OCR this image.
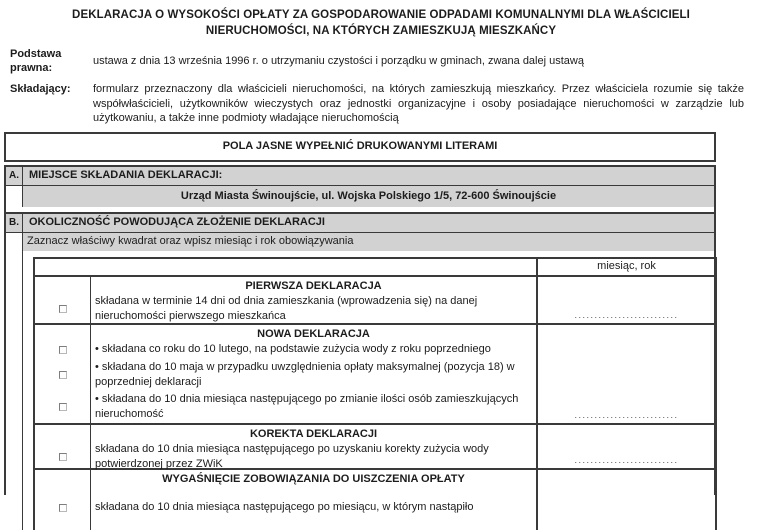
DEKLARACJA O WYSOKOŚCI OPŁATY ZA GOSPODAROWANIE ODPADAMI KOMUNALNYMI DLA WŁAŚCICIELI
NIERUCHOMOŚCI, NA KTÓRYCH ZAMIESZKUJĄ MIESZKAŃCY
Podstawa prawna:
ustawa z dnia 13 września 1996 r. o utrzymaniu czystości i porządku w gminach, zwana dalej ustawą
Składający:	formularz przeznaczony dla właścicieli nieruchomości, na których zamieszkują mieszkańcy. Przez właściciela rozumie się także współwłaścicieli, użytkowników wieczystych oraz jednostki organizacyjne i osoby posiadające nieruchomości w zarządzie lub użytkowaniu, a także inne podmioty władające nieruchomością
POLA JASNE WYPEŁNIĆ DRUKOWANYMI LITERAMI
A. MIEJSCE SKŁADANIA DEKLARACJI:
Urząd Miasta Świnoujście, ul. Wojska Polskiego 1/5, 72-600 Świnoujście
B. OKOLICZNOŚĆ POWODUJĄCA ZŁOŻENIE DEKLARACJI
Zaznacz właściwy kwadrat oraz wpisz miesiąc i rok obowiązywania
miesiąc, rok
PIERWSZA DEKLARACJA
składana w terminie 14 dni od dnia zamieszkania (wprowadzenia się) na danej nieruchomości pierwszego mieszkańca	..........................
NOWA DEKLARACJA
• składana co roku do 10 lutego, na podstawie zużycia wody z roku poprzedniego
• składana do 10 maja w przypadku uwzględnienia opłaty maksymalnej (pozycja 18) w poprzedniej deklaracji
• składana do 10 dnia miesiąca następującego po zmianie ilości osób zamieszkujących nieruchomość	..........................
KOREKTA DEKLARACJI
składana do 10 dnia miesiąca następującego po uzyskaniu korekty zużycia wody potwierdzonej przez ZWiK	..........................
WYGAŚNIĘCIE ZOBOWIĄZANIA DO UISZCZENIA OPŁATY
składana do 10 dnia miesiąca następującego po miesiącu, w którym nastąpiło
